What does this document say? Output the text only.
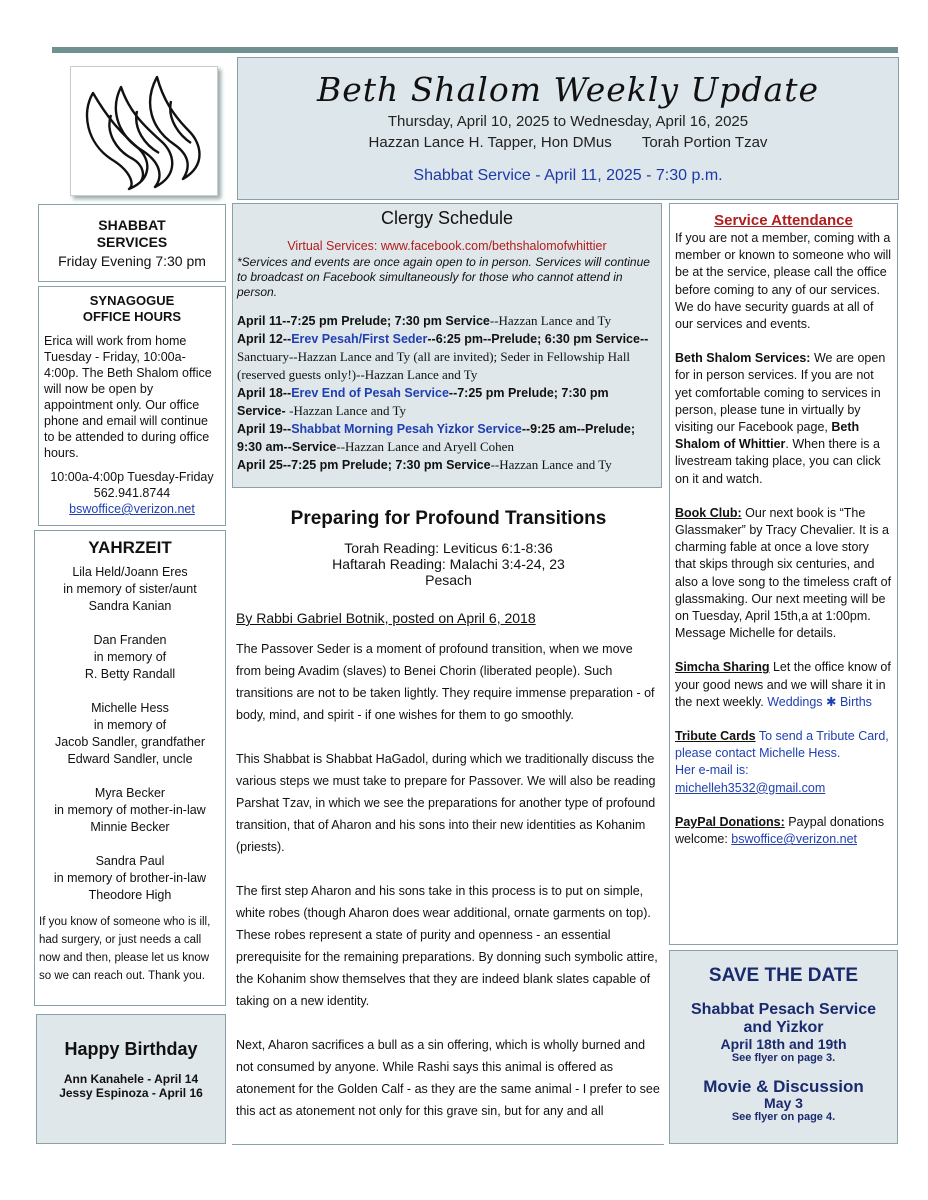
Beth Shalom Weekly Update
Thursday, April 10, 2025 to Wednesday, April 16, 2025
Hazzan Lance H. Tapper, Hon DMus Torah Portion Tzav
Shabbat Service - April 11, 2025 - 7:30 p.m.
SHABBAT
SERVICES
Friday Evening 7:30 pm
SYNAGOGUE
OFFICE HOURS
Erica will work from home Tuesday - Friday, 10:00a-4:00p. The Beth Shalom office will now be open by appointment only. Our office phone and email will continue to be attended to during office hours.
10:00a-4:00p Tuesday-Friday
562.941.8744
bswoffice@verizon.net
YAHRZEIT
Lila Held/Joann Eres
in memory of sister/aunt
Sandra Kanian
Dan Franden
in memory of
R. Betty Randall
Michelle Hess
in memory of
Jacob Sandler, grandfather
Edward Sandler, uncle
Myra Becker
in memory of mother-in-law
Minnie Becker
Sandra Paul
in memory of brother-in-law
Theodore High
If you know of someone who is ill, had surgery, or just needs a call now and then, please let us know so we can reach out. Thank you.
Happy Birthday
Ann Kanahele - April 14
Jessy Espinoza - April 16
Clergy Schedule
Virtual Services: www.facebook.com/bethshalomofwhittier
*Services and events are once again open to in person. Services will continue to broadcast on Facebook simultaneously for those who cannot attend in person.
April 11--7:25 pm Prelude; 7:30 pm Service--Hazzan Lance and Ty
April 12--Erev Pesah/First Seder--6:25 pm--Prelude; 6:30 pm Service-- Sanctuary--Hazzan Lance and Ty (all are invited); Seder in Fellowship Hall (reserved guests only!)--Hazzan Lance and Ty
April 18--Erev End of Pesah Service--7:25 pm Prelude; 7:30 pm Service- -Hazzan Lance and Ty
April 19--Shabbat Morning Pesah Yizkor Service--9:25 am--Prelude; 9:30 am--Service--Hazzan Lance and Aryell Cohen
April 25--7:25 pm Prelude; 7:30 pm Service--Hazzan Lance and Ty
Preparing for Profound Transitions
Torah Reading: Leviticus 6:1-8:36
Haftarah Reading: Malachi 3:4-24, 23
Pesach
By Rabbi Gabriel Botnik, posted on April 6, 2018
The Passover Seder is a moment of profound transition, when we move from being Avadim (slaves) to Benei Chorin (liberated people). Such transitions are not to be taken lightly. They require immense preparation - of body, mind, and spirit - if one wishes for them to go smoothly.
This Shabbat is Shabbat HaGadol, during which we traditionally discuss the various steps we must take to prepare for Passover. We will also be reading Parshat Tzav, in which we see the preparations for another type of profound transition, that of Aharon and his sons into their new identities as Kohanim (priests).
The first step Aharon and his sons take in this process is to put on simple, white robes (though Aharon does wear additional, ornate garments on top). These robes represent a state of purity and openness - an essential prerequisite for the remaining preparations. By donning such symbolic attire, the Kohanim show themselves that they are indeed blank slates capable of taking on a new identity.
Next, Aharon sacrifices a bull as a sin offering, which is wholly burned and not consumed by anyone. While Rashi says this animal is offered as atonement for the Golden Calf - as they are the same animal - I prefer to see this act as atonement not only for this grave sin, but for any and all
Service Attendance
If you are not a member, coming with a member or known to someone who will be at the service, please call the office before coming to any of our services. We do have security guards at all of our services and events.
Beth Shalom Services: We are open for in person services. If you are not yet comfortable coming to services in person, please tune in virtually by visiting our Facebook page, Beth Shalom of Whittier. When there is a livestream taking place, you can click on it and watch.
Book Club: Our next book is “The Glassmaker” by Tracy Chevalier. It is a charming fable at once a love story that skips through six centuries, and also a love song to the timeless craft of glassmaking. Our next meeting will be on Tuesday, April 15th,a at 1:00pm. Message Michelle for details.
Simcha Sharing Let the office know of your good news and we will share it in the next weekly. Weddings ✱ Births
Tribute Cards To send a Tribute Card, please contact Michelle Hess.
Her e-mail is:
michelleh3532@gmail.com
PayPal Donations: Paypal donations welcome: bswoffice@verizon.net
SAVE THE DATE
Shabbat Pesach Service
and Yizkor
April 18th and 19th
See flyer on page 3.
Movie & Discussion
May 3
See flyer on page 4.
